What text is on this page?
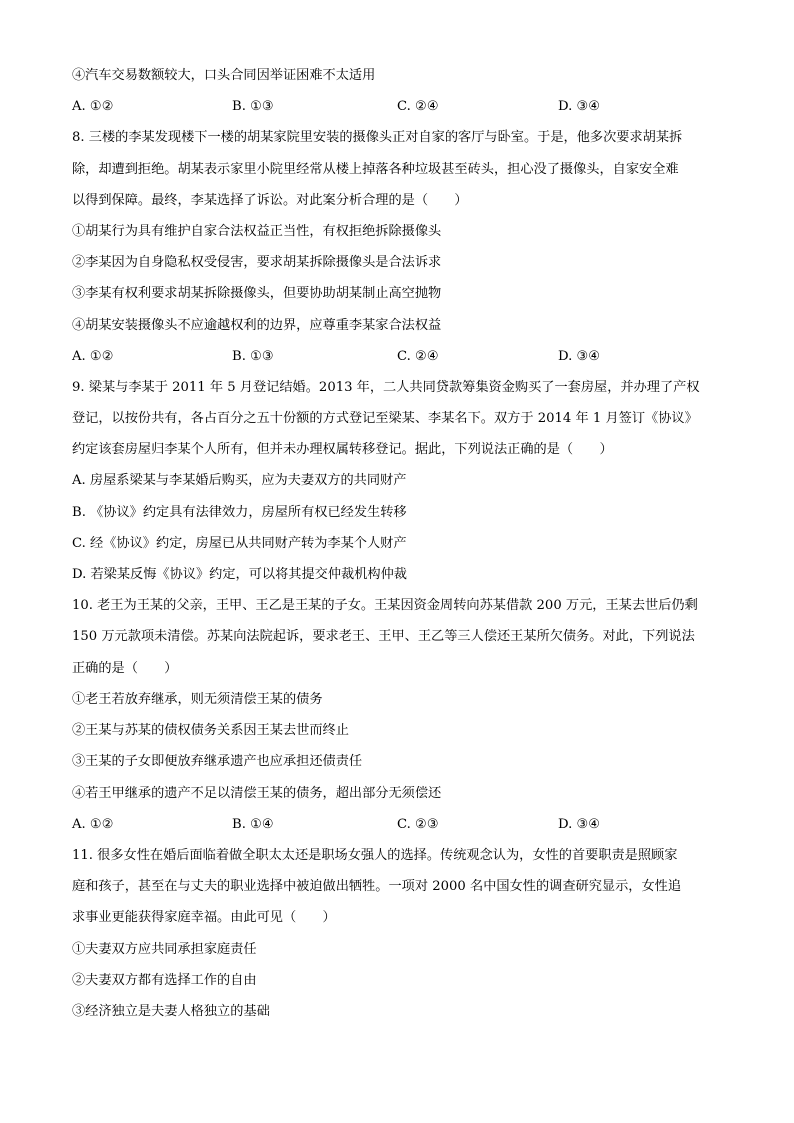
④汽车交易数额较大，口头合同因举证困难不太适用
A. ①②	B. ①③	C. ②④	D. ③④
8. 三楼的李某发现楼下一楼的胡某家院里安装的摄像头正对自家的客厅与卧室。于是，他多次要求胡某拆
除，却遭到拒绝。胡某表示家里小院里经常从楼上掉落各种垃圾甚至砖头，担心没了摄像头，自家安全难
以得到保障。最终，李某选择了诉讼。对此案分析合理的是（　　）
①胡某行为具有维护自家合法权益正当性，有权拒绝拆除摄像头
②李某因为自身隐私权受侵害，要求胡某拆除摄像头是合法诉求
③李某有权利要求胡某拆除摄像头，但要协助胡某制止高空抛物
④胡某安装摄像头不应逾越权利的边界，应尊重李某家合法权益
A. ①②	B. ①③	C. ②④	D. ③④
9. 梁某与李某于 2011 年 5 月登记结婚。2013 年，二人共同贷款筹集资金购买了一套房屋，并办理了产权
登记，以按份共有，各占百分之五十份额的方式登记至梁某、李某名下。双方于 2014 年 1 月签订《协议》
约定该套房屋归李某个人所有，但并未办理权属转移登记。据此，下列说法正确的是（　　）
A. 房屋系梁某与李某婚后购买，应为夫妻双方的共同财产
B. 《协议》约定具有法律效力，房屋所有权已经发生转移
C. 经《协议》约定，房屋已从共同财产转为李某个人财产
D. 若梁某反悔《协议》约定，可以将其提交仲裁机构仲裁
10. 老王为王某的父亲，王甲、王乙是王某的子女。王某因资金周转向苏某借款 200 万元，王某去世后仍剩
150 万元款项未清偿。苏某向法院起诉，要求老王、王甲、王乙等三人偿还王某所欠债务。对此，下列说法
正确的是（　　）
①老王若放弃继承，则无须清偿王某的债务
②王某与苏某的债权债务关系因王某去世而终止
③王某的子女即便放弃继承遗产也应承担还债责任
④若王甲继承的遗产不足以清偿王某的债务，超出部分无须偿还
A. ①②	B. ①④	C. ②③	D. ③④
11. 很多女性在婚后面临着做全职太太还是职场女强人的选择。传统观念认为，女性的首要职责是照顾家
庭和孩子，甚至在与丈夫的职业选择中被迫做出牺牲。一项对 2000 名中国女性的调查研究显示，女性追
求事业更能获得家庭幸福。由此可见（　　）
①夫妻双方应共同承担家庭责任
②夫妻双方都有选择工作的自由
③经济独立是夫妻人格独立的基础
